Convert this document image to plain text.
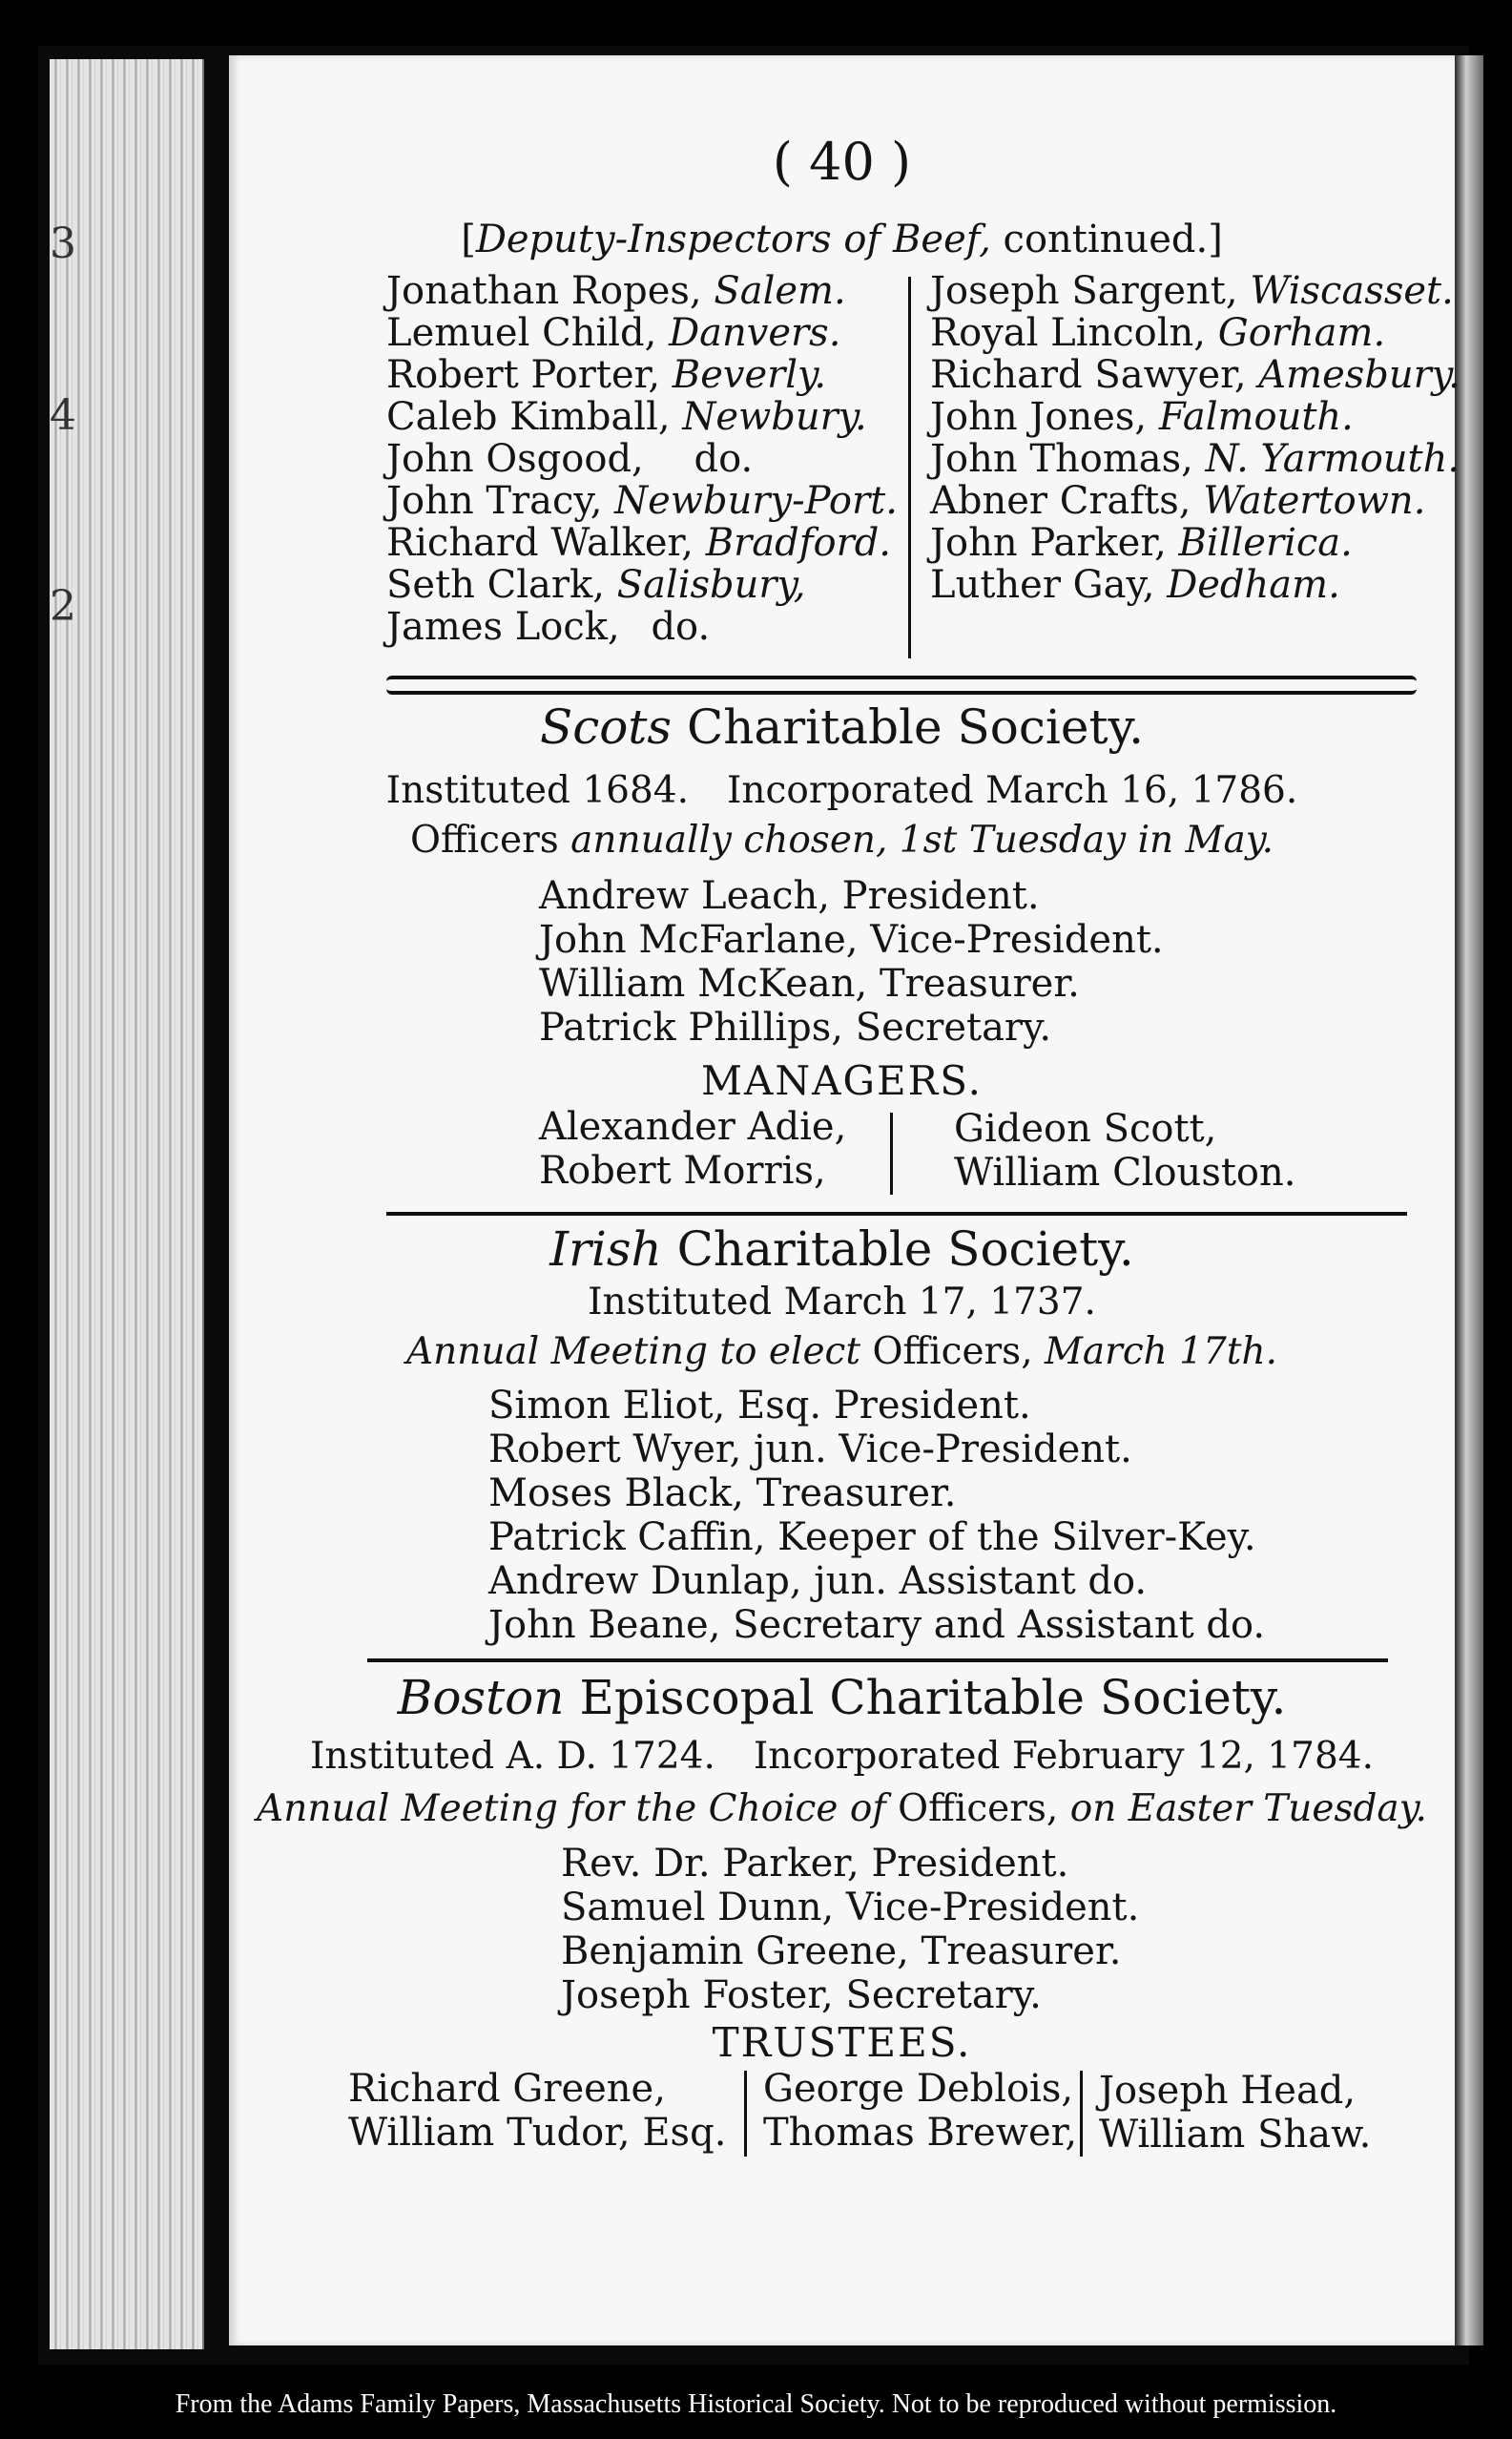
3
4
2
( 40 )
[Deputy-Inspectors of Beef, continued.]
Jonathan Ropes, Salem.
Lemuel Child, Danvers.
Robert Porter, Beverly.
Caleb Kimball, Newbury.
John Osgood, do.
John Tracy, Newbury-Port.
Richard Walker, Bradford.
Seth Clark, Salisbury,
James Lock, do.
Joseph Sargent, Wiscasset.
Royal Lincoln, Gorham.
Richard Sawyer, Amesbury.
John Jones, Falmouth.
John Thomas, N. Yarmouth.
Abner Crafts, Watertown.
John Parker, Billerica.
Luther Gay, Dedham.
Scots Charitable Society.
Instituted 1684. Incorporated March 16, 1786.
Officers annually chosen, 1st Tuesday in May.
Andrew Leach, President.
John McFarlane, Vice-President.
William McKean, Treasurer.
Patrick Phillips, Secretary.
MANAGERS.
Alexander Adie,
Robert Morris,
Gideon Scott,
William Clouston.
Irish Charitable Society.
Instituted March 17, 1737.
Annual Meeting to elect Officers, March 17th.
Simon Eliot, Esq. President.
Robert Wyer, jun. Vice-President.
Moses Black, Treasurer.
Patrick Caffin, Keeper of the Silver-Key.
Andrew Dunlap, jun. Assistant do.
John Beane, Secretary and Assistant do.
Boston Episcopal Charitable Society.
Instituted A. D. 1724. Incorporated February 12, 1784.
Annual Meeting for the Choice of Officers, on Easter Tuesday.
Rev. Dr. Parker, President.
Samuel Dunn, Vice-President.
Benjamin Greene, Treasurer.
Joseph Foster, Secretary.
TRUSTEES.
Richard Greene,
William Tudor, Esq.
George Deblois,
Thomas Brewer,
Joseph Head,
William Shaw.
From the Adams Family Papers, Massachusetts Historical Society. Not to be reproduced without permission.
